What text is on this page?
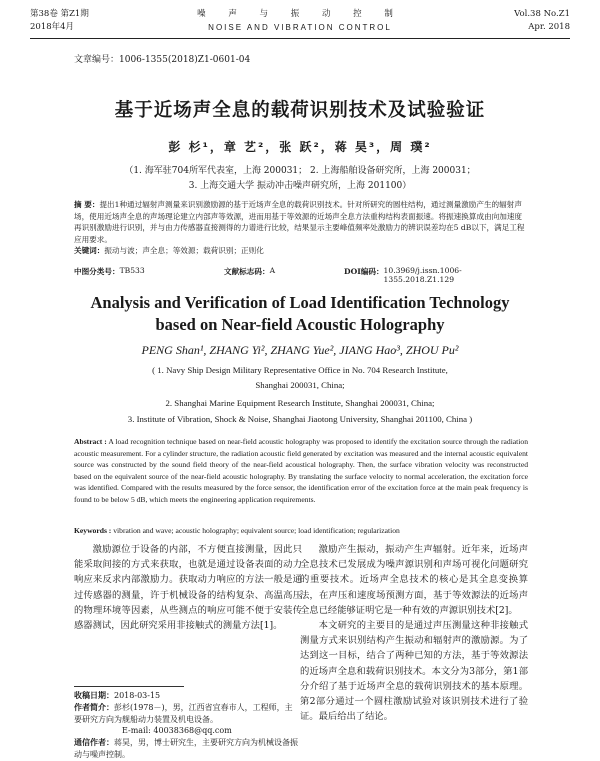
第38卷 第Z1期
2018年4月
噪 声 与 振 动 控 制
NOISE AND VIBRATION CONTROL
Vol.38 No.Z1
Apr. 2018
文章编号：1006-1355(2018)Z1-0601-04
基于近场声全息的载荷识别技术及试验验证
彭 杉¹，章 艺²，张 跃²，蒋 昊³，周 璞²
（1. 海军驻704所军代表室，上海 200031； 2. 上海船舶设备研究所，上海 200031；
3. 上海交通大学 振动冲击噪声研究所，上海 201100）
摘 要：提出1种通过辐射声测量来识别激励源的基于近场声全息的载荷识别技术。针对所研究的圆柱结构，通过测量激励产生的辐射声场，使用近场声全息的声场理论建立内部声等效源，进而用基于等效源的近场声全息方法重构结构表面振速。将振速换算成由向加速度再识别激励进行识别，并与由力传感器直接测得的力谱进行比较，结果显示主要峰值频率处激励力的辨识误差均在5 dB以下，满足工程应用要求。
关键词：振动与波；声全息；等效源；载荷识别；正则化
中图分类号： TB533	文献标志码： A	DOI编码： 10.3969/j.issn.1006-1355.2018.Z1.129
Analysis and Verification of Load Identification Technology
based on Near-field Acoustic Holography
PENG Shan¹, ZHANG Yi², ZHANG Yue², JIANG Hao³, ZHOU Pu²
( 1. Navy Ship Design Military Representative Office in No. 704 Research Institute,
Shanghai 200031, China;
2. Shanghai Marine Equipment Research Institute, Shanghai 200031, China;
3. Institute of Vibration, Shock & Noise, Shanghai Jiaotong University, Shanghai 201100, China )
Abstract : A load recognition technique based on near-field acoustic holography was proposed to identify the excitation source through the radiation acoustic measurement. For a cylinder structure, the radiation acoustic field generated by excitation was measured and the internal acoustic equivalent source was constructed by the sound field theory of the near-field acoustical holography. Then, the surface vibration velocity was reconstructed based on the equivalent source of the near-field acoustic holography. By translating the surface velocity to normal acceleration, the excitation force was identified. Compared with the results measured by the force sensor, the identification error of the excitation force at the main peak frequency is found to be below 5 dB, which meets the engineering application requirements.
Keywords : vibration and wave; acoustic holography; equivalent source; load identification; regularization

激励源位于设备的内部，不方便直接测量，因此只能采取间接的方式来获取，也就是通过设备表面的动力响应来反求内部激励力。获取动力响应的方法一般是通过传感器的测量，许于机械设备的结构复杂、高温高压的物理环境等因素，从些测点的响应可能不便于安装传感器测试，因此研究采用非接触式的测量方法[1]。

激励产生振动，振动产生声辐射。近年来，近场声全息技术已发展成为噪声源识别和声场可视化问题研究的重要技术。近场声全息技术的核心是其全息变换算法，在声压和速度场预测方面，基于等效源法的近场声全息已经能够证明它是一种有效的声源识别技术[2]。

本文研究的主要目的是通过声压测量这种非接触式测量方式来识别结构产生振动和辐射声的激励源。为了达到这一目标，结合了两种已知的方法，基于等效源法的近场声全息和载荷识别技术。本文分为3部分，第1部分介绍了基于近场声全息的载荷识别技术的基本原理。第2部分通过一个圆柱激励试验对该识别技术进行了验证。最后给出了结论。

收稿日期：2018-03-15
作者简介：彭杉(1978－)，男，江西省宜春市人，工程师，主要研究方向为舰船动力装置及机电设备。
E-mail: 40038368@qq.com
通信作者：蒋昊，男，博士研究生，主要研究方向为机械设备振动与噪声控制。
